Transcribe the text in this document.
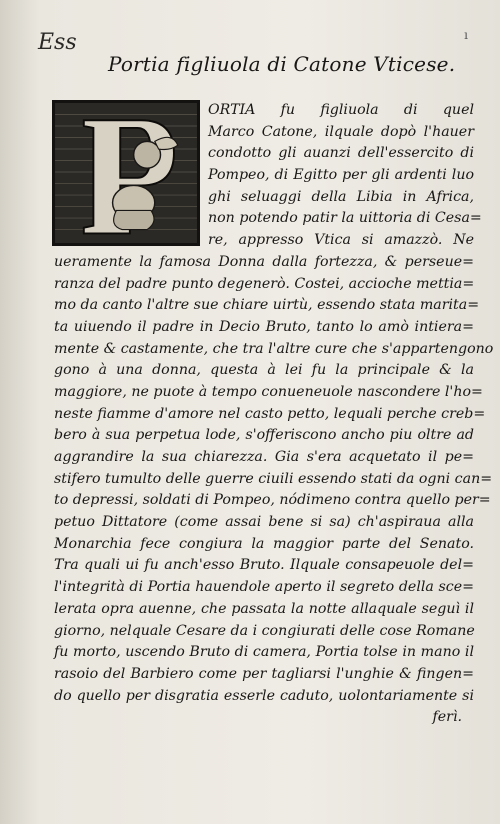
Ess	ı
Portia figliuola di Catone Vticese.
ORTIA fu figliuola di quel
Marco Catone, ilquale dopò l'hauer
condotto gli auanzi dell'essercito di
Pompeo, di Egitto per gli ardenti luo
ghi seluaggi della Libia in Africa,
non potendo patir la uittoria di Cesa=
re, appresso Vtica si amazzò. Ne
ueramente la famosa Donna dalla fortezza, & perseue=
ranza del padre punto degenerò. Costei, accioche mettia=
mo da canto l'altre sue chiare uirtù, essendo stata marita=
ta uiuendo il padre in Decio Bruto, tanto lo amò intiera=
mente & castamente, che tra l'altre cure che s'appartengono
gono à una donna, questa à lei fu la principale & la
maggiore, ne puote à tempo conueneuole nascondere l'ho=
neste fiamme d'amore nel casto petto, lequali perche creb=
bero à sua perpetua lode, s'offeriscono ancho piu oltre ad
aggrandire la sua chiarezza. Gia s'era acquetato il pe=
stifero tumulto delle guerre ciuili essendo stati da ogni can=
to depressi, soldati di Pompeo, nódimeno contra quello per=
petuo Dittatore (come assai bene si sa) ch'aspiraua alla
Monarchia fece congiura la maggior parte del Senato.
Tra quali ui fu anch'esso Bruto. Ilquale consapeuole del=
l'integrità di Portia hauendole aperto il segreto della sce=
lerata opra auenne, che passata la notte allaquale seguì il
giorno, nelquale Cesare da i congiurati delle cose Romane
fu morto, uscendo Bruto di camera, Portia tolse in mano il
rasoio del Barbiero come per tagliarsi l'unghie & fingen=
do quello per disgratia esserle caduto, uolontariamente si
ferì.
